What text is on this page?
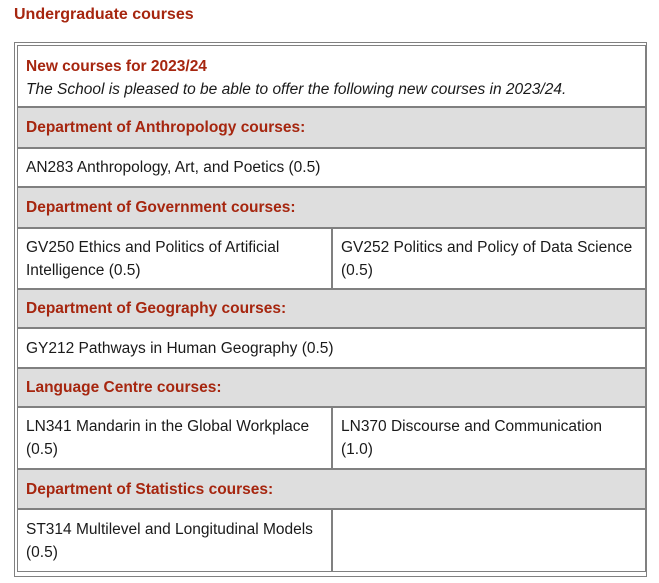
Undergraduate courses
New courses for 2023/24
The School is pleased to be able to offer the following new courses in 2023/24.
Department of Anthropology courses:
AN283 Anthropology, Art, and Poetics (0.5)
Department of Government courses:
GV250 Ethics and Politics of Artificial Intelligence (0.5)
GV252 Politics and Policy of Data Science (0.5)
Department of Geography courses:
GY212 Pathways in Human Geography (0.5)
Language Centre courses:
LN341 Mandarin in the Global Workplace (0.5)
LN370 Discourse and Communication (1.0)
Department of Statistics courses:
ST314 Multilevel and Longitudinal Models (0.5)
